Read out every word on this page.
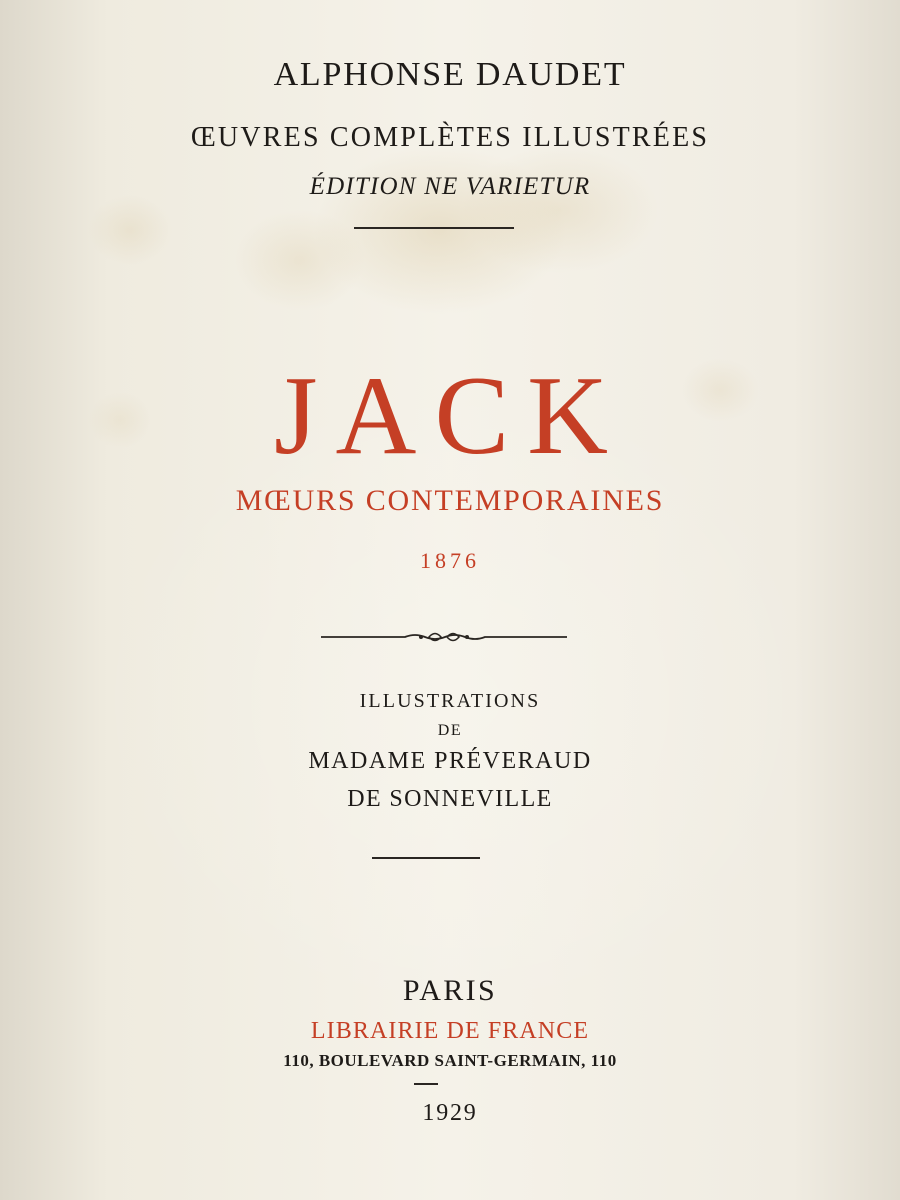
ALPHONSE DAUDET
ŒUVRES COMPLÈTES ILLUSTRÉES
ÉDITION NE VARIETUR
JACK
MŒURS CONTEMPORAINES
1876
ILLUSTRATIONS
DE
MADAME PRÉVERAUD
DE SONNEVILLE
PARIS
LIBRAIRIE DE FRANCE
110, BOULEVARD SAINT-GERMAIN, 110
1929
